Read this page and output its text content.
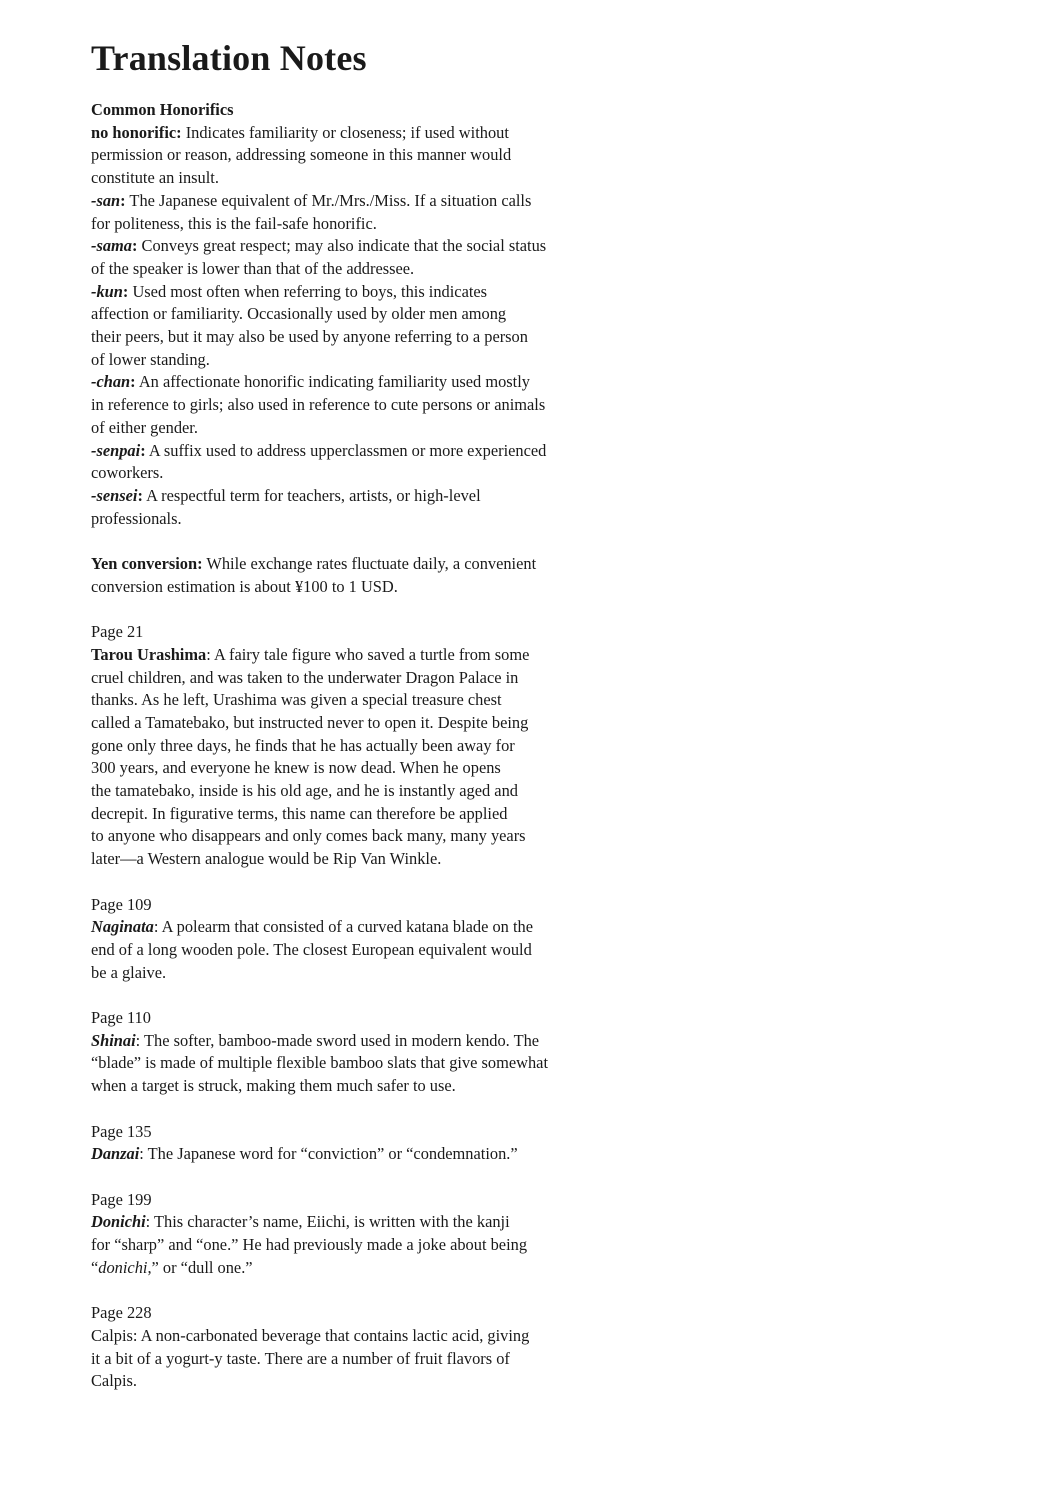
Translation Notes
Common Honorifics
no honorific: Indicates familiarity or closeness; if used without
permission or reason, addressing someone in this manner would
constitute an insult.
-san: The Japanese equivalent of Mr./Mrs./Miss. If a situation calls
for politeness, this is the fail-safe honorific.
-sama: Conveys great respect; may also indicate that the social status
of the speaker is lower than that of the addressee.
-kun: Used most often when referring to boys, this indicates
affection or familiarity. Occasionally used by older men among
their peers, but it may also be used by anyone referring to a person
of lower standing.
-chan: An affectionate honorific indicating familiarity used mostly
in reference to girls; also used in reference to cute persons or animals
of either gender.
-senpai: A suffix used to address upperclassmen or more experienced
coworkers.
-sensei: A respectful term for teachers, artists, or high-level
professionals.
Yen conversion: While exchange rates fluctuate daily, a convenient
conversion estimation is about ¥100 to 1 USD.
Page 21
Tarou Urashima: A fairy tale figure who saved a turtle from some
cruel children, and was taken to the underwater Dragon Palace in
thanks. As he left, Urashima was given a special treasure chest
called a Tamatebako, but instructed never to open it. Despite being
gone only three days, he finds that he has actually been away for
300 years, and everyone he knew is now dead. When he opens
the tamatebako, inside is his old age, and he is instantly aged and
decrepit. In figurative terms, this name can therefore be applied
to anyone who disappears and only comes back many, many years
later—a Western analogue would be Rip Van Winkle.
Page 109
Naginata: A polearm that consisted of a curved katana blade on the
end of a long wooden pole. The closest European equivalent would
be a glaive.
Page 110
Shinai: The softer, bamboo-made sword used in modern kendo. The
“blade” is made of multiple flexible bamboo slats that give somewhat
when a target is struck, making them much safer to use.
Page 135
Danzai: The Japanese word for “conviction” or “condemnation.”
Page 199
Donichi: This character’s name, Eiichi, is written with the kanji
for “sharp” and “one.” He had previously made a joke about being
“donichi,” or “dull one.”
Page 228
Calpis: A non-carbonated beverage that contains lactic acid, giving
it a bit of a yogurt-y taste. There are a number of fruit flavors of
Calpis.
